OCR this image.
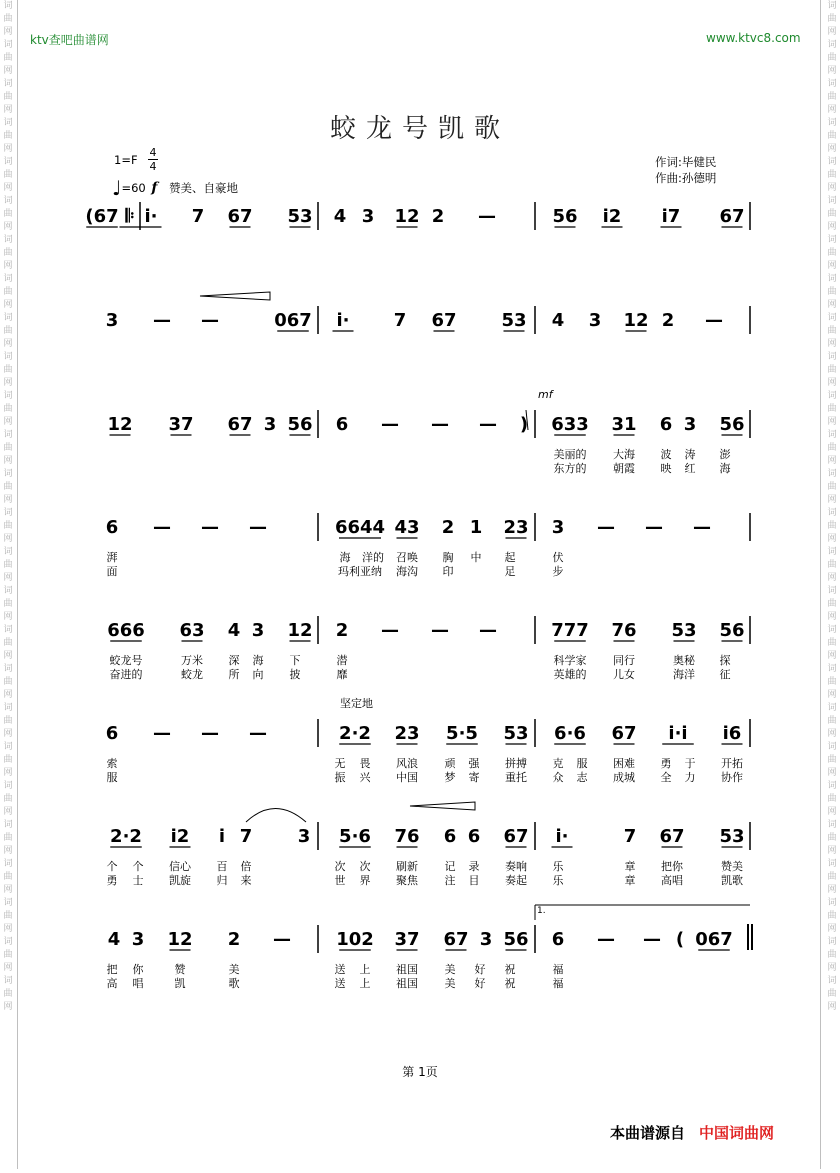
词
曲
网
词
曲
网
词
曲
网
词
曲
网
词
曲
网
词
曲
网
词
曲
网
词
曲
网
词
曲
网
词
曲
网
词
曲
网
词
曲
网
词
曲
网
词
曲
网
词
曲
网
词
曲
网
词
曲
网
词
曲
网
词
曲
网
词
曲
网
词
曲
网
词
曲
网
词
曲
网
词
曲
网
词
曲
网
词
曲
网
词
曲
网
词
曲
网
词
曲
网
词
曲
网
词
曲
网
词
曲
网
词
曲
网
词
曲
网
词
曲
网
词
曲
网
词
曲
网
词
曲
网
词
曲
网
词
曲
网
词
曲
网
词
曲
网
词
曲
网
词
曲
网
词
曲
网
词
曲
网
词
曲
网
词
曲
网
词
曲
网
词
曲
网
词
曲
网
词
曲
网
ktv查吧曲谱网	www.ktvc8.com
蛟龙号凯歌
1=F
4
4
♩=60 f 赞美、自豪地
作词:毕健民
作曲:孙德明
mf
坚定地
1.
(67 𝄆 i· 7 67 53 4 3 12 2 —	56 i2 i7 67
3 — —	067 i· 7 67 53 4 3 12 2 —
12 37 67 3 56 6 — — — ) 633 31 6 3 56
美丽的 大海 波 涛 澎
东方的 朝霞 映 红 海
6 — — —	6644 43 2 1 23 3 — — —
湃	海 洋的 召唤 胸 中 起	伏
面	玛利亚纳 海沟 印	足	步
666 63 4 3 12 2 — — —	777 76 53 56
蛟龙号	万米 深 海 下	潜	科学家 同行	奥秘 探
奋进的	蛟龙 所 向 披	靡	英雄的 儿女	海洋 征
6 — — —	2·2 23 5·5 53 6·6 67 i·i i6
索	无 畏 风浪 顽 强 拼搏 克 服 困难 勇 于 开拓
服	振 兴 中国 梦 寄 重托 众 志 成城 全 力 协作
2·2 i2 i 7	3 5·6 76 6 6 67 i·	7 67 53
个 个 信心 百 倍	次 次 刷新 记 录 奏响 乐	章 把你	赞美
勇 士 凯旋 归 来	世 界 聚焦 注 目 奏起 乐	章 高唱	凯歌
4 3 12 2 —	102 37 67 3 56 6 — — ( 067
把 你	赞	美	送 上 祖国 美 好 祝	福
高 唱	凯	歌	送 上 祖国 美 好 祝	福
第 1页
本曲谱源自 中国词曲网
